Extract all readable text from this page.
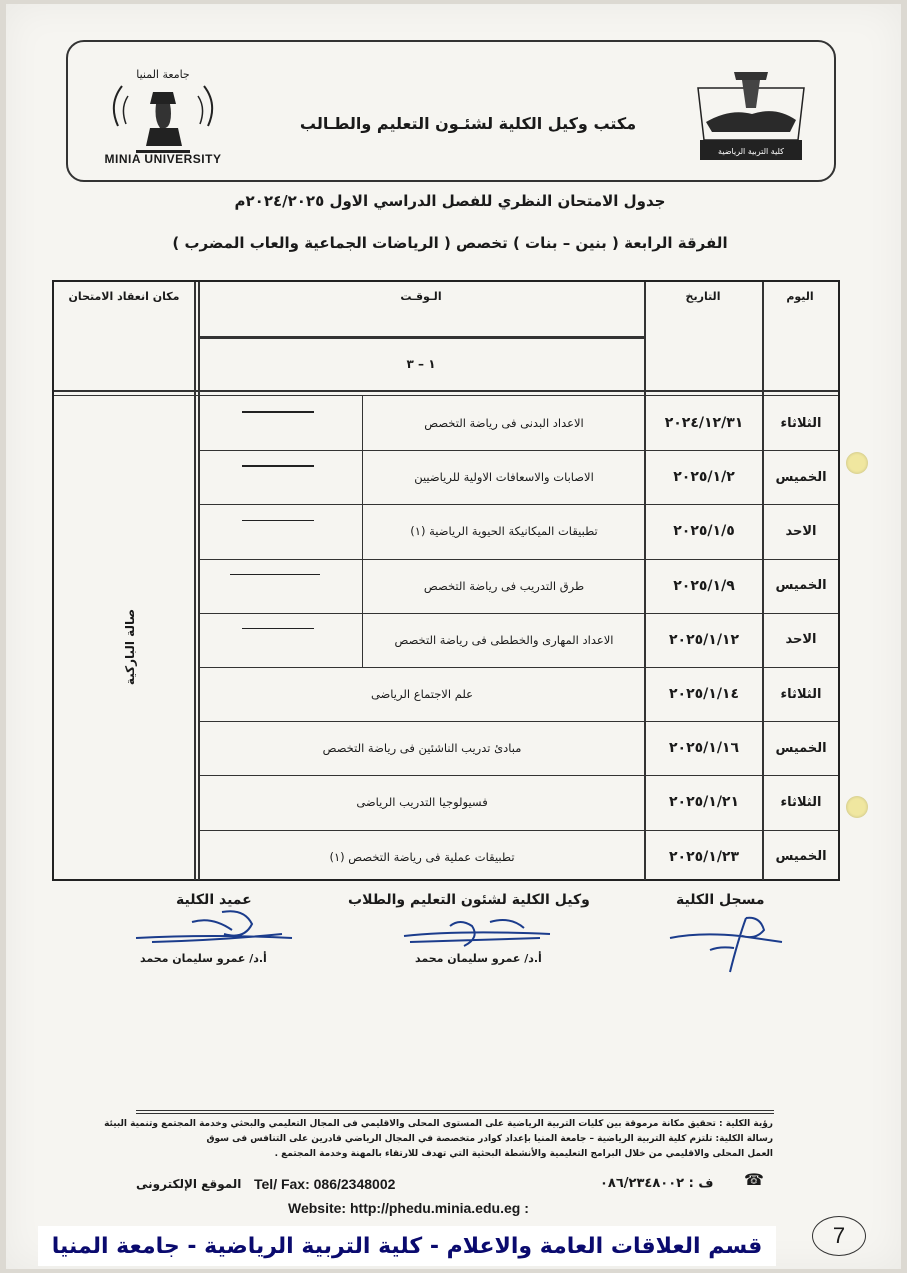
جامعة المنيا
MINIA UNIVERSITY
مكتب وكيل الكلية لشئـون التعليم والطـالب
كلية التربية الرياضية
جدول الامتحان النظري للفصل الدراسي الاول ٢٠٢٤/٢٠٢٥م
الفرقة الرابعة ( بنين – بنات ) تخصص ( الرياضات الجماعية والعاب المضرب )
اليوم
التاريخ
الـوقـت
١ – ٣
مكان انعقاد الامتحان
صالة الباركية
الثلاثاء
٢٠٢٤/١٢/٣١
الاعداد البدنى فى رياضة التخصص
الخميس
٢٠٢٥/١/٢
الاصابات والاسعافات الاولية للرياضيين
الاحد
٢٠٢٥/١/٥
تطبيقات الميكانيكة الحيوية الرياضية (١)
الخميس
٢٠٢٥/١/٩
طرق التدريب فى رياضة التخصص
الاحد
٢٠٢٥/١/١٢
الاعداد المهارى والخططى فى رياضة التخصص
الثلاثاء
٢٠٢٥/١/١٤
علم الاجتماع الرياضى
الخميس
٢٠٢٥/١/١٦
مبادئ تدريب الناشئين فى رياضة التخصص
الثلاثاء
٢٠٢٥/١/٢١
فسيولوجيا التدريب الرياضى
الخميس
٢٠٢٥/١/٢٣
تطبيقات عملية فى رياضة التخصص (١)
مسجل الكلية
وكيل الكلية لشئون التعليم والطلاب
عميد الكلية
أ.د/ عمرو سليمان محمد
أ.د/ عمرو سليمان محمد
رؤية الكلية : تحقيق مكانة مرموقة بين كليات التربية الرياضية على المستوى المحلى والاقليمي فى المجال التعليمي والبحثي وخدمة المجتمع وتنمية البيئة
رسالة الكلية: تلتزم كلية التربية الرياضية – جامعة المنيا بإعداد كوادر متخصصة في المجال الرياضي قادرين على التنافس فى سوق
العمل المحلى والاقليمي من خلال البرامج التعليمية والأنشطة البحثية التي تهدف للارتقاء بالمهنة وخدمة المجتمع .
☎
ف : ٠٨٦/٢٣٤٨٠٠٢
Tel/ Fax: 086/2348002
الموقع الإلكترونى
Website: http://phedu.minia.edu.eg :
قسم العلاقات العامة والاعلام - كلية التربية الرياضية - جامعة المنيا	7
